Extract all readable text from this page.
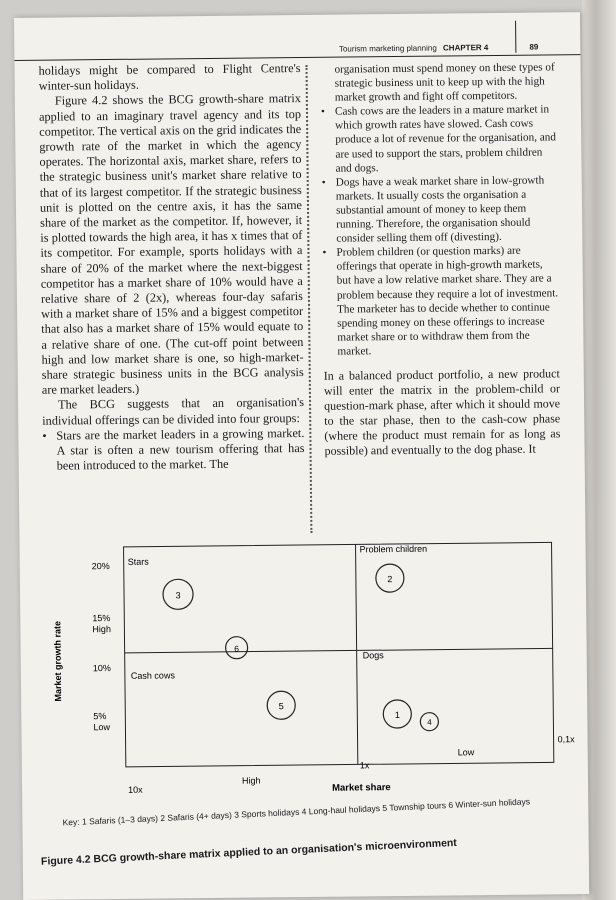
Tourism marketing planning CHAPTER 4	89

holidays might be compared to Flight Centre's winter-sun holidays.

Figure 4.2 shows the BCG growth-share matrix applied to an imaginary travel agency and its top competitor. The vertical axis on the grid indicates the growth rate of the market in which the agency operates. The horizontal axis, market share, refers to the strategic business unit's market share relative to that of its largest competitor. If the strategic business unit is plotted on the centre axis, it has the same share of the market as the competitor. If, however, it is plotted towards the high area, it has x times that of its competitor. For example, sports holidays with a share of 20% of the market where the next-biggest competitor has a market share of 10% would have a relative share of 2 (2x), whereas four-day safaris with a market share of 15% and a biggest competitor that also has a market share of 15% would equate to a relative share of one. (The cut-off point between high and low market share is one, so high-market-share strategic business units in the BCG analysis are market leaders.)

The BCG suggests that an organisation's individual offerings can be divided into four groups:

• Stars are the market leaders in a growing market. A star is often a new tourism offering that has been introduced to the market. The

organisation must spend money on these types of strategic business unit to keep up with the high market growth and fight off competitors.

• Cash cows are the leaders in a mature market in which growth rates have slowed. Cash cows produce a lot of revenue for the organisation, and are used to support the stars, problem children and dogs.

• Dogs have a weak market share in low-growth markets. It usually costs the organisation a substantial amount of money to keep them running. Therefore, the organisation should consider selling them off (divesting).

• Problem children (or question marks) are offerings that operate in high-growth markets, but have a low relative market share. They are a problem because they require a lot of investment. The marketer has to decide whether to continue spending money on these offerings to increase market share or to withdraw them from the market.

In a balanced product portfolio, a new product will enter the matrix in the problem-child or question-mark phase, after which it should move to the star phase, then to the cash-cow phase (where the product must remain for as long as possible) and eventually to the dog phase. It

Stars
Problem children
Cash cows
Dogs
Market growth rate
20%
15%
High
10%
5%
Low
10x
High
1x
Low
0,1x
Market share
3
2
6
5
1
4
Key: 1 Safaris (1–3 days) 2 Safaris (4+ days) 3 Sports holidays 4 Long-haul holidays 5 Township tours 6 Winter-sun holidays
Figure 4.2 BCG growth-share matrix applied to an organisation's microenvironment
